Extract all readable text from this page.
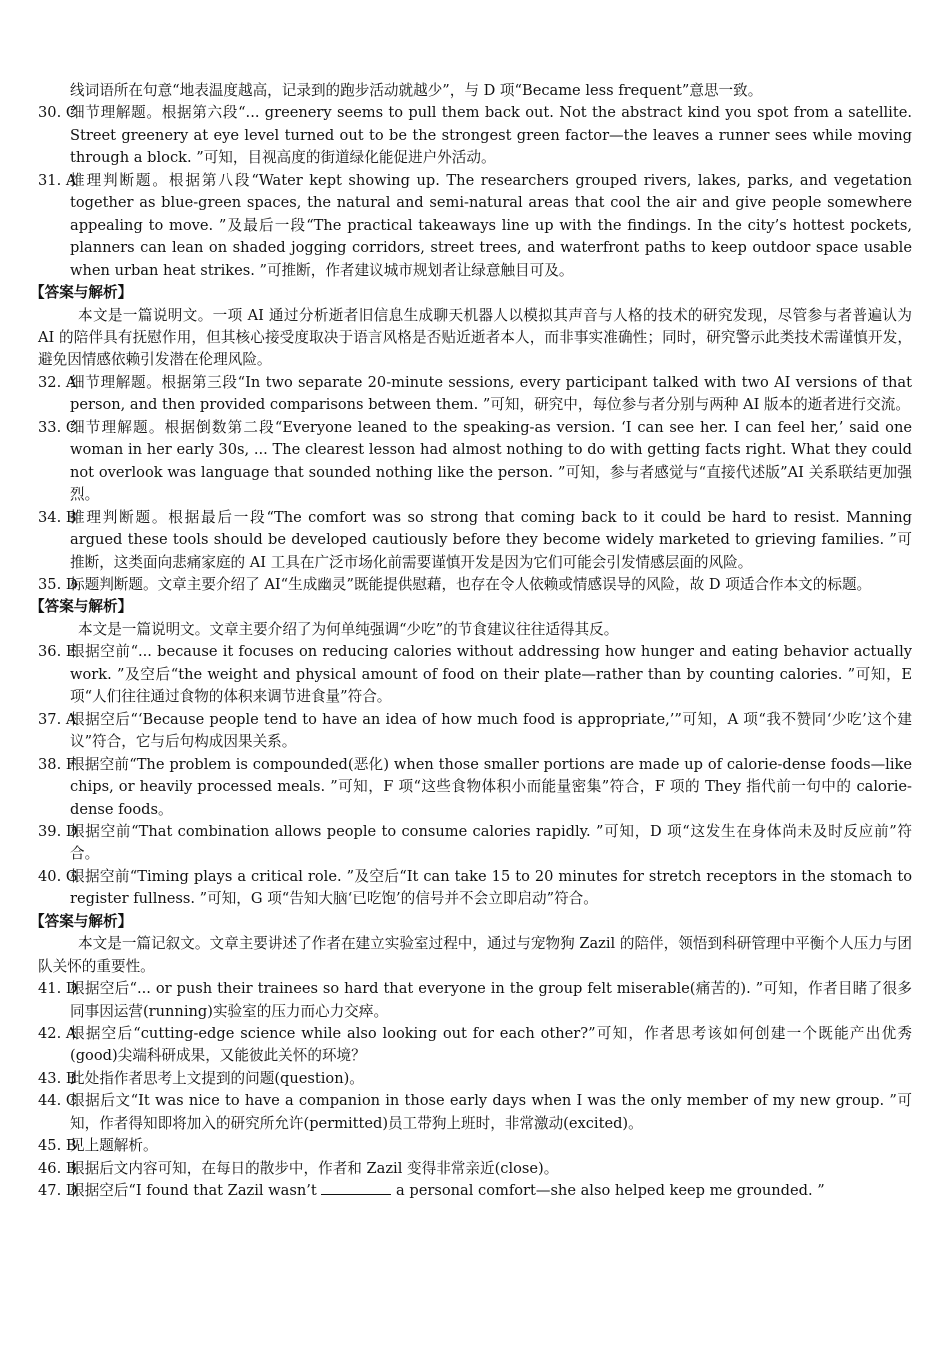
线词语所在句意“地表温度越高，记录到的跑步活动就越少”，与 D 项“Became less frequent”意思一致。
30. C
细节理解题。根据第六段“... greenery seems to pull them back out. Not the abstract kind you spot from a satellite. Street greenery at eye level turned out to be the strongest green factor—the leaves a runner sees while moving through a block. ”可知，目视高度的街道绿化能促进户外活动。
31. A
推理判断题。根据第八段“Water kept showing up. The researchers grouped rivers, lakes, parks, and vegetation together as blue-green spaces, the natural and semi-natural areas that cool the air and give people somewhere appealing to move. ”及最后一段“The practical takeaways line up with the findings. In the city’s hottest pockets, planners can lean on shaded jogging corridors, street trees, and waterfront paths to keep outdoor space usable when urban heat strikes. ”可推断，作者建议城市规划者让绿意触目可及。
【答案与解析】
本文是一篇说明文。一项 AI 通过分析逝者旧信息生成聊天机器人以模拟其声音与人格的技术的研究发现，尽管参与者普遍认为 AI 的陪伴具有抚慰作用，但其核心接受度取决于语言风格是否贴近逝者本人，而非事实准确性；同时，研究警示此类技术需谨慎开发，避免因情感依赖引发潜在伦理风险。
32. A
细节理解题。根据第三段“In two separate 20-minute sessions, every participant talked with two AI versions of that person, and then provided comparisons between them. ”可知，研究中，每位参与者分别与两种 AI 版本的逝者进行交流。
33. C
细节理解题。根据倒数第二段“Everyone leaned to the speaking-as version. ‘I can see her. I can feel her,’ said one woman in her early 30s, ... The clearest lesson had almost nothing to do with getting facts right. What they could not overlook was language that sounded nothing like the person. ”可知，参与者感觉与“直接代述版”AI 关系联结更加强烈。
34. B
推理判断题。根据最后一段“The comfort was so strong that coming back to it could be hard to resist. Manning argued these tools should be developed cautiously before they become widely marketed to grieving families. ”可推断，这类面向悲痛家庭的 AI 工具在广泛市场化前需要谨慎开发是因为它们可能会引发情感层面的风险。
35. D
标题判断题。文章主要介绍了 AI“生成幽灵”既能提供慰藉，也存在令人依赖或情感误导的风险，故 D 项适合作本文的标题。
【答案与解析】
本文是一篇说明文。文章主要介绍了为何单纯强调“少吃”的节食建议往往适得其反。
36. E
根据空前“... because it focuses on reducing calories without addressing how hunger and eating behavior actually work. ”及空后“the weight and physical amount of food on their plate—rather than by counting calories. ”可知，E 项“人们往往通过食物的体积来调节进食量”符合。
37. A
根据空后“‘Because people tend to have an idea of how much food is appropriate,’”可知，A 项“我不赞同‘少吃’这个建议”符合，它与后句构成因果关系。
38. F
根据空前“The problem is compounded(恶化) when those smaller portions are made up of calorie-dense foods—like chips, or heavily processed meals. ”可知，F 项“这些食物体积小而能量密集”符合，F 项的 They 指代前一句中的 calorie-dense foods。
39. D
根据空前“That combination allows people to consume calories rapidly. ”可知，D 项“这发生在身体尚未及时反应前”符合。
40. G
根据空前“Timing plays a critical role. ”及空后“It can take 15 to 20 minutes for stretch receptors in the stomach to register fullness. ”可知，G 项“告知大脑‘已吃饱’的信号并不会立即启动”符合。
【答案与解析】
本文是一篇记叙文。文章主要讲述了作者在建立实验室过程中，通过与宠物狗 Zazil 的陪伴，领悟到科研管理中平衡个人压力与团队关怀的重要性。
41. D
根据空后“... or push their trainees so hard that everyone in the group felt miserable(痛苦的). ”可知，作者目睹了很多同事因运营(running)实验室的压力而心力交瘁。
42. A
根据空后“cutting-edge science while also looking out for each other?”可知，作者思考该如何创建一个既能产出优秀(good)尖端科研成果，又能彼此关怀的环境？
43. B
此处指作者思考上文提到的问题(question)。
44. C
根据后文“It was nice to have a companion in those early days when I was the only member of my new group. ”可知，作者得知即将加入的研究所允许(permitted)员工带狗上班时，非常激动(excited)。
45. B
见上题解析。
46. B
根据后文内容可知，在每日的散步中，作者和 Zazil 变得非常亲近(close)。
47. D
根据空后“I found that Zazil wasn’t	a personal comfort—she also helped keep me grounded. ”
